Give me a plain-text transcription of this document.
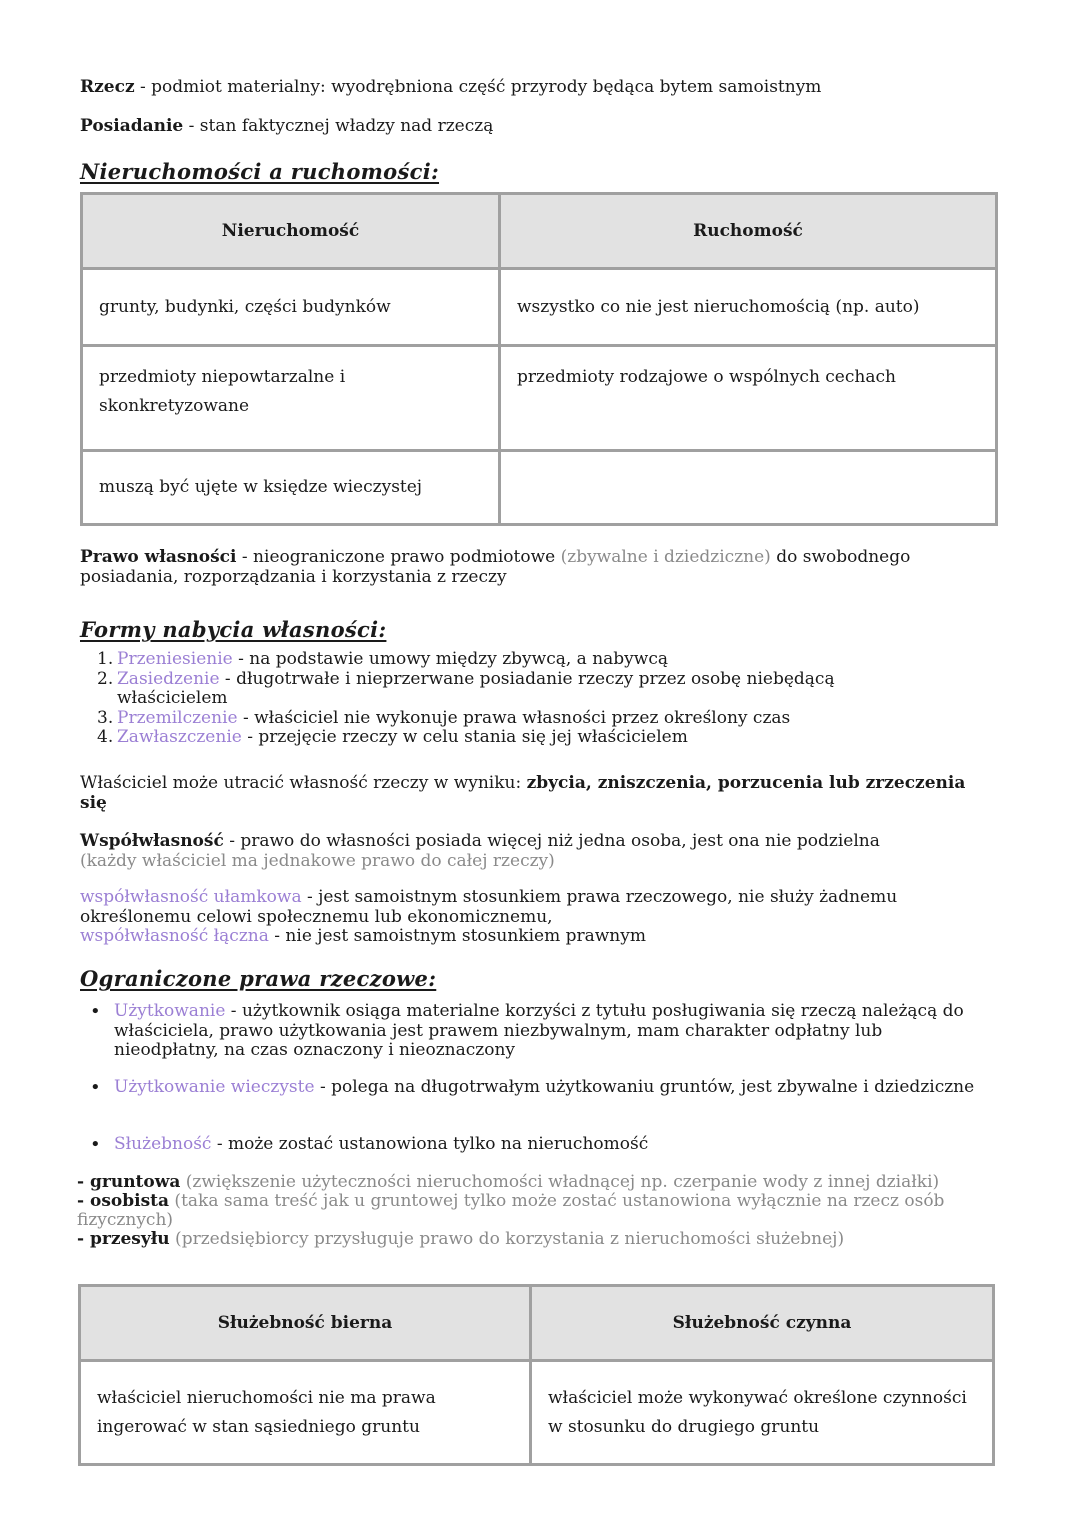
Rzecz - podmiot materialny: wyodrębniona część przyrody będąca bytem samoistnym
Posiadanie - stan faktycznej władzy nad rzeczą
Nieruchomości a ruchomości:
Nieruchomość	Ruchomość
grunty, budynki, części budynków	wszystko co nie jest nieruchomością (np. auto)
przedmioty niepowtarzalne i skonkretyzowane	przedmioty rodzajowe o wspólnych cechach
muszą być ujęte w księdze wieczystej	
Prawo własności - nieograniczone prawo podmiotowe (zbywalne i dziedziczne) do swobodnego posiadania, rozporządzania i korzystania z rzeczy
Formy nabycia własności:
1. Przeniesienie - na podstawie umowy między zbywcą, a nabywcą
2. Zasiedzenie - długotrwałe i nieprzerwane posiadanie rzeczy przez osobę niebędącą właścicielem
3. Przemilczenie - właściciel nie wykonuje prawa własności przez określony czas
4. Zawłaszczenie - przejęcie rzeczy w celu stania się jej właścicielem
Właściciel może utracić własność rzeczy w wyniku: zbycia, zniszczenia, porzucenia lub zrzeczenia się
Współwłasność - prawo do własności posiada więcej niż jedna osoba, jest ona nie podzielna
(każdy właściciel ma jednakowe prawo do całej rzeczy)
współwłasność ułamkowa - jest samoistnym stosunkiem prawa rzeczowego, nie służy żadnemu określonemu celowi społecznemu lub ekonomicznemu,
współwłasność łączna - nie jest samoistnym stosunkiem prawnym
Ograniczone prawa rzeczowe:
• Użytkowanie - użytkownik osiąga materialne korzyści z tytułu posługiwania się rzeczą należącą do właściciela, prawo użytkowania jest prawem niezbywalnym, mam charakter odpłatny lub nieodpłatny, na czas oznaczony i nieoznaczony
• Użytkowanie wieczyste - polega na długotrwałym użytkowaniu gruntów, jest zbywalne i dziedziczne
• Służebność - może zostać ustanowiona tylko na nieruchomość
- gruntowa (zwiększenie użyteczności nieruchomości władnącej np. czerpanie wody z innej działki)
- osobista (taka sama treść jak u gruntowej tylko może zostać ustanowiona wyłącznie na rzecz osób fizycznych)
- przesyłu (przedsiębiorcy przysługuje prawo do korzystania z nieruchomości służebnej)
Służebność bierna	Służebność czynna
właściciel nieruchomości nie ma prawa ingerować w stan sąsiedniego gruntu	właściciel może wykonywać określone czynności w stosunku do drugiego gruntu
